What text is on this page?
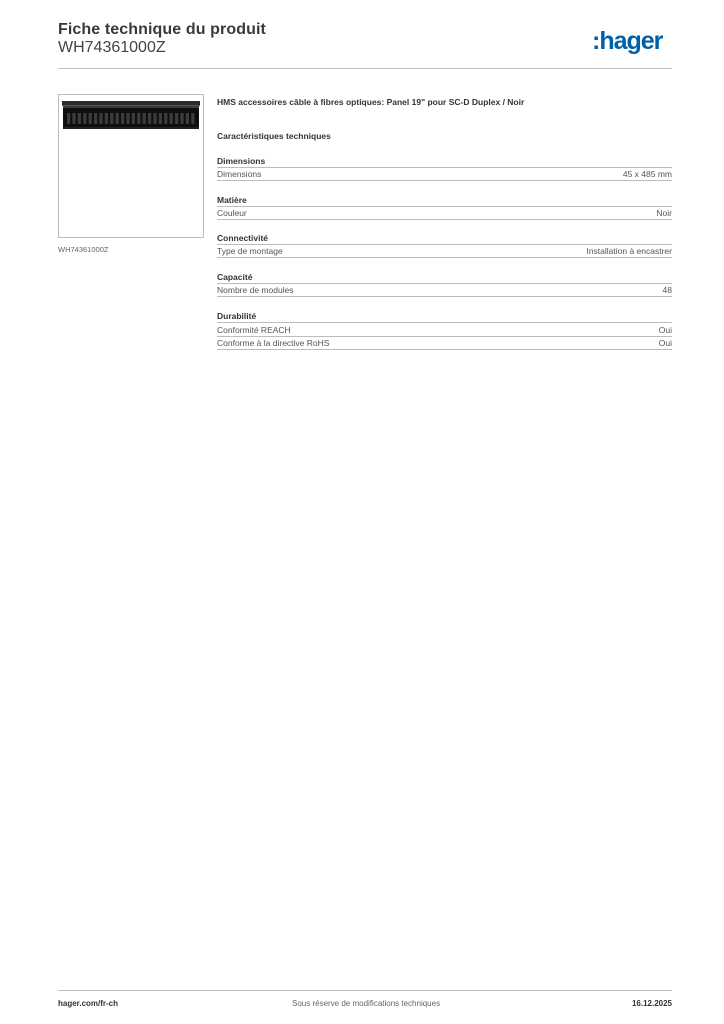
Fiche technique du produit
WH74361000Z	:hager
WH74361000Z
HMS accessoires câble à fibres optiques: Panel 19" pour SC-D Duplex / Noir
Caractéristiques techniques
Dimensions
Dimensions	45 x 485 mm
Matière
Couleur	Noir
Connectivité
Type de montage	Installation à encastrer
Capacité
Nombre de modules	48
Durabilité
Conformité REACH	Oui
Conforme à la directive RoHS	Oui
hager.com/fr-ch	Sous réserve de modifications techniques	16.12.2025
